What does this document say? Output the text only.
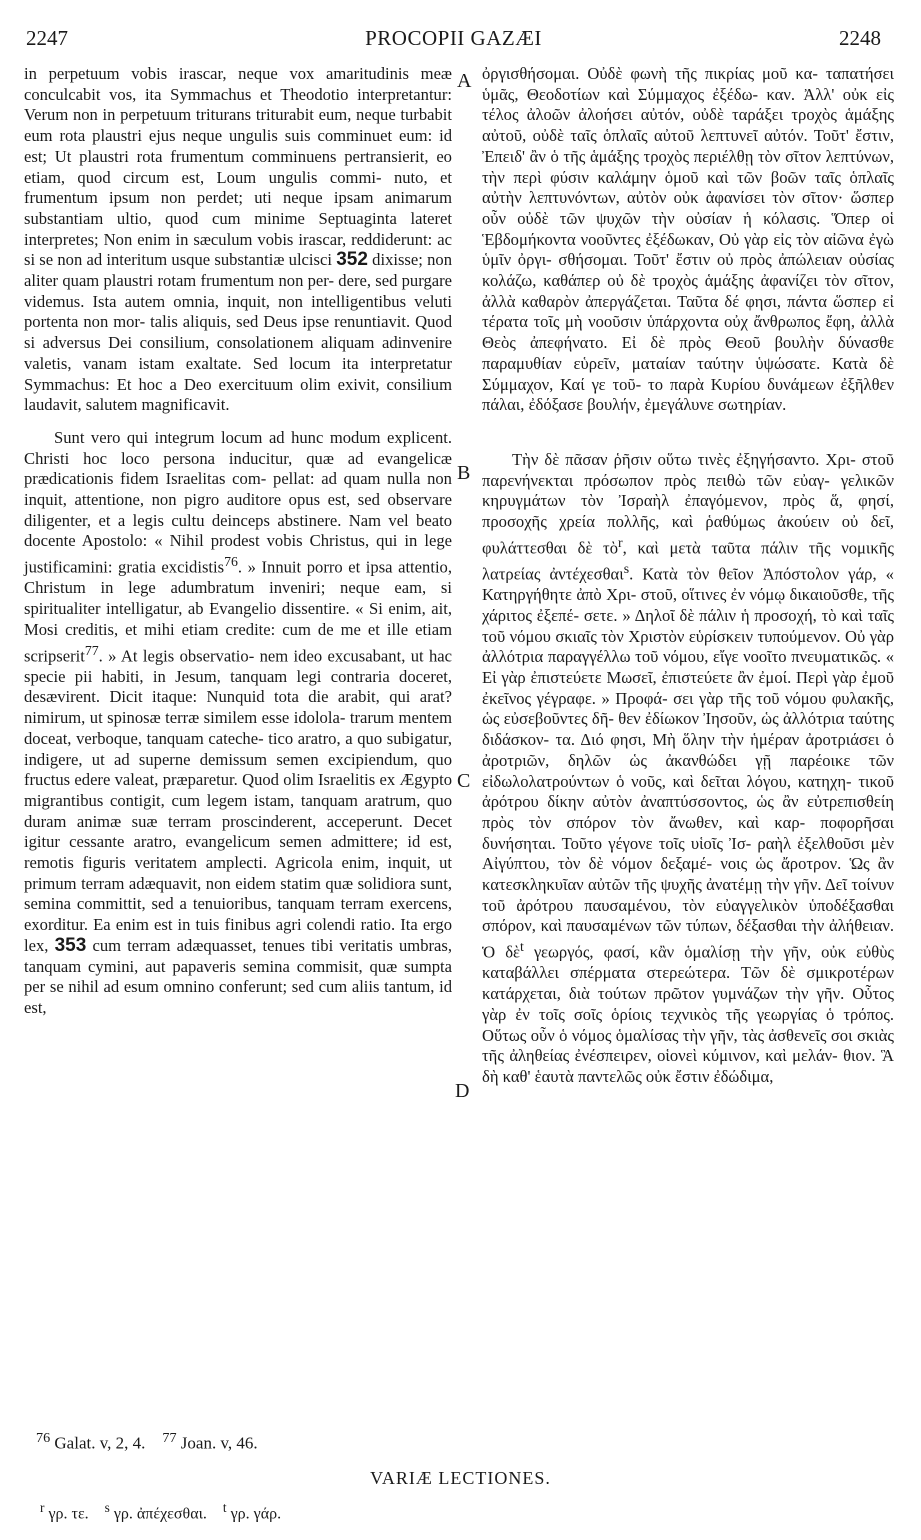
2247	PROCOPII GAZÆI	2248
A
B
C
D

in perpetuum vobis irascar, neque vox amaritudinis meæ conculcabit vos, ita Symmachus et Theodotio interpretantur: Verum non in perpetuum triturans triturabit eum, neque turbabit eum rota plaustri ejus neque ungulis suis comminuet eum: id est; Ut plaustri rota frumentum comminuens pertransierit, eo etiam, quod circum est, Loum ungulis commi- nuto, et frumentum ipsum non perdet; uti neque ipsam animarum substantiam ultio, quod cum minime Septuaginta lateret interpretes; Non enim in sæculum vobis irascar, reddiderunt: ac si se non ad interitum usque substantiæ ulcisci 352 dixisse; non aliter quam plaustri rotam frumentum non per- dere, sed purgare videmus. Ista autem omnia, inquit, non intelligentibus veluti portenta non mor- talis aliquis, sed Deus ipse renuntiavit. Quod si adversus Dei consilium, consolationem aliquam adinvenire valetis, vanam istam exaltate. Sed locum ita interpretatur Symmachus: Et hoc a Deo exercituum olim exivit, consilium laudavit, salutem magnificavit.

Sunt vero qui integrum locum ad hunc modum explicent. Christi hoc loco persona inducitur, quæ ad evangelicæ prædicationis fidem Israelitas com- pellat: ad quam nulla non inquit, attentione, non pigro auditore opus est, sed observare diligenter, et a legis cultu deinceps abstinere. Nam vel beato docente Apostolo: « Nihil prodest vobis Christus, qui in lege justificamini: gratia excidistis$^{76}$. » Innuit porro et ipsa attentio, Christum in lege adumbratum inveniri; neque eam, si spiritualiter intelligatur, ab Evangelio dissentire. « Si enim, ait, Mosi creditis, et mihi etiam credite: cum de me et ille etiam scripserit$^{77}$. » At legis observatio- nem ideo excusabant, ut hac specie pii habiti, in Jesum, tanquam legi contraria doceret, desævirent. Dicit itaque: Nunquid tota die arabit, qui arat? nimirum, ut spinosæ terræ similem esse idolola- trarum mentem doceat, verboque, tanquam cateche- tico aratro, a quo subigatur, indigere, ut ad superne demissum semen excipiendum, quo fructus edere valeat, præparetur. Quod olim Israelitis ex Ægypto migrantibus contigit, cum legem istam, tanquam aratrum, quo duram animæ suæ terram proscinderent, acceperunt. Decet igitur cessante aratro, evangelicum semen admittere; id est, remotis figuris veritatem amplecti. Agricola enim, inquit, ut primum terram adæquavit, non eidem statim quæ solidiora sunt, semina committit, sed a tenuioribus, tanquam terram exercens, exorditur. Ea enim est in tuis finibus agri colendi ratio. Ita ergo lex, 353 cum terram adæquasset, tenues tibi veritatis umbras, tanquam cymini, aut papaveris semina commisit, quæ sumpta per se nihil ad esum omnino conferunt; sed cum aliis tantum, id est,

ὀργισθήσομαι. Οὐδὲ φωνὴ τῆς πικρίας μοῦ κα- ταπατήσει ὑμᾶς, Θεοδοτίων καὶ Σύμμαχος ἐξέδω- καν. Ἀλλ' οὐκ εἰς τέλος ἀλοῶν ἀλοήσει αὐτόν, οὐδὲ ταράξει τροχὸς ἁμάξης αὐτοῦ, οὐδὲ ταῖς ὁπλαῖς αὐτοῦ λεπτυνεῖ αὐτόν. Τοῦτ' ἔστιν, Ἐπειδ' ἂν ὁ τῆς ἁμάξης τροχὸς περιέλθῃ τὸν σῖτον λεπτύνων, τὴν περὶ φύσιν καλάμην ὁμοῦ καὶ τῶν βοῶν ταῖς ὁπλαῖς αὐτὴν λεπτυνόντων, αὐτὸν οὐκ ἀφανίσει τὸν σῖτον· ὥσπερ οὖν οὐδὲ τῶν ψυχῶν τὴν οὐσίαν ἡ κόλασις. Ὅπερ οἱ Ἑβδομήκοντα νοοῦντες ἐξέδωκαν, Οὐ γὰρ εἰς τὸν αἰῶνα ἐγὼ ὑμῖν ὀργι- σθήσομαι. Τοῦτ' ἔστιν οὐ πρὸς ἀπώλειαν οὐσίας κολάζω, καθάπερ οὐ δὲ τροχὸς ἁμάξης ἀφανίζει τὸν σῖτον, ἀλλὰ καθαρὸν ἀπεργάζεται. Ταῦτα δέ φησι, πάντα ὥσπερ εἰ τέρατα τοῖς μὴ νοοῦσιν ὑπάρχοντα οὐχ ἄνθρωπος ἔφη, ἀλλὰ Θεὸς ἀπεφήνατο. Εἰ δὲ πρὸς Θεοῦ βουλὴν δύνασθε παραμυθίαν εὑρεῖν, ματαίαν ταύτην ὑψώσατε. Κατὰ δὲ Σύμμαχον, Καί γε τοῦ- το παρὰ Κυρίου δυνάμεων ἐξῆλθεν πάλαι, ἐδόξασε βουλήν, ἐμεγάλυνε σωτηρίαν.

Τὴν δὲ πᾶσαν ῥῆσιν οὕτω τινὲς ἐξηγήσαντο. Χρι- στοῦ παρενήνεκται πρόσωπον πρὸς πειθὼ τῶν εὐαγ- γελικῶν κηρυγμάτων τὸν Ἰσραὴλ ἐπαγόμενον, πρὸς ἅ, φησί, προσοχῆς χρεία πολλῆς, καὶ ῥαθύμως ἀκούειν οὐ δεῖ, φυλάττεσθαι δὲ τὸ$^r$, καὶ μετὰ ταῦτα πάλιν τῆς νομικῆς λατρείας ἀντέχεσθαι$^s$. Κατὰ τὸν θεῖον Ἀπόστολον γάρ, « Κατηργήθητε ἀπὸ Χρι- στοῦ, οἵτινες ἐν νόμῳ δικαιοῦσθε, τῆς χάριτος ἐξεπέ- σετε. » Δηλοῖ δὲ πάλιν ἡ προσοχή, τὸ καὶ ταῖς τοῦ νόμου σκιαῖς τὸν Χριστὸν εὑρίσκειν τυπούμενον. Οὐ γὰρ ἀλλότρια παραγγέλλω τοῦ νόμου, εἴγε νοοῖτο πνευματικῶς. « Εἰ γὰρ ἐπιστεύετε Μωσεῖ, ἐπιστεύετε ἂν ἐμοί. Περὶ γὰρ ἐμοῦ ἐκεῖνος γέγραφε. » Προφά- σει γὰρ τῆς τοῦ νόμου φυλακῆς, ὡς εὐσεβοῦντες δῆ- θεν ἐδίωκον Ἰησοῦν, ὡς ἀλλότρια ταύτης διδάσκον- τα. Διό φησι, Μὴ ὅλην τὴν ἡμέραν ἀροτριάσει ὁ ἀροτριῶν, δηλῶν ὡς ἀκανθώδει γῇ παρέοικε τῶν εἰδωλολατρούντων ὁ νοῦς, καὶ δεῖται λόγου, κατηχη- τικοῦ ἀρότρου δίκην αὐτὸν ἀναπτύσσοντος, ὡς ἂν εὐτρεπισθείη πρὸς τὸν σπόρον τὸν ἄνωθεν, καὶ καρ- ποφορῆσαι δυνήσηται. Τοῦτο γέγονε τοῖς υἱοῖς Ἰσ- ραὴλ ἐξελθοῦσι μὲν Αἰγύπτου, τὸν δὲ νόμον δεξαμέ- νοις ὡς ἄροτρον. Ὡς ἂν κατεσκληκυῖαν αὐτῶν τῆς ψυχῆς ἀνατέμῃ τὴν γῆν. Δεῖ τοίνυν τοῦ ἀρότρου παυσαμένου, τὸν εὐαγγελικὸν ὑποδέξασθαι σπόρον, καὶ παυσαμένων τῶν τύπων, δέξασθαι τὴν ἀλήθειαν. Ὁ δὲ$^t$ γεωργός, φασί, κἂν ὁμαλίσῃ τὴν γῆν, οὐκ εὐθὺς καταβάλλει σπέρματα στερεώτερα. Τῶν δὲ σμικροτέρων κατάρχεται, διὰ τούτων πρῶτον γυμνάζων τὴν γῆν. Οὗτος γὰρ ἐν τοῖς σοῖς ὁρίοις τεχνικὸς τῆς γεωργίας ὁ τρόπος. Οὕτως οὖν ὁ νόμος ὁμαλίσας τὴν γῆν, τὰς ἀσθενεῖς σοι σκιὰς τῆς ἀληθείας ἐνέσπειρεν, οἱονεὶ κύμινον, καὶ μελάν- θιον. Ἃ δὴ καθ' ἑαυτὰ παντελῶς οὐκ ἔστιν ἐδώδιμα,

$^{76}$ Galat. v, 2, 4. $^{77}$ Joan. v, 46.
VARIÆ LECTIONES.
$^r$ γρ. τε. $^s$ γρ. ἀπέχεσθαι. $^t$ γρ. γάρ.
